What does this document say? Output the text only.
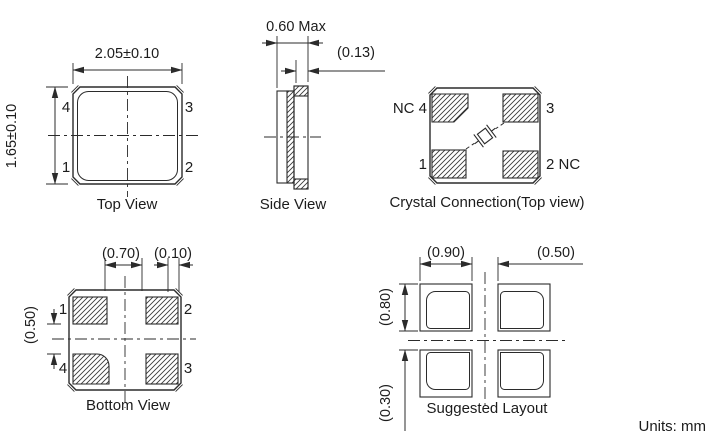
2.05±0.10
1.65±0.10	4	3
1	2
Top View
0.60 Max
(0.13)
Side View
NC 4	3
1	2 NC
Crystal Connection(Top view)
(0.70) (0.10)
(0.50) 1	2
4	3
Bottom View
(0.90)	(0.50)
(0.80)
(0.30) Suggested Layout
Units: mm
